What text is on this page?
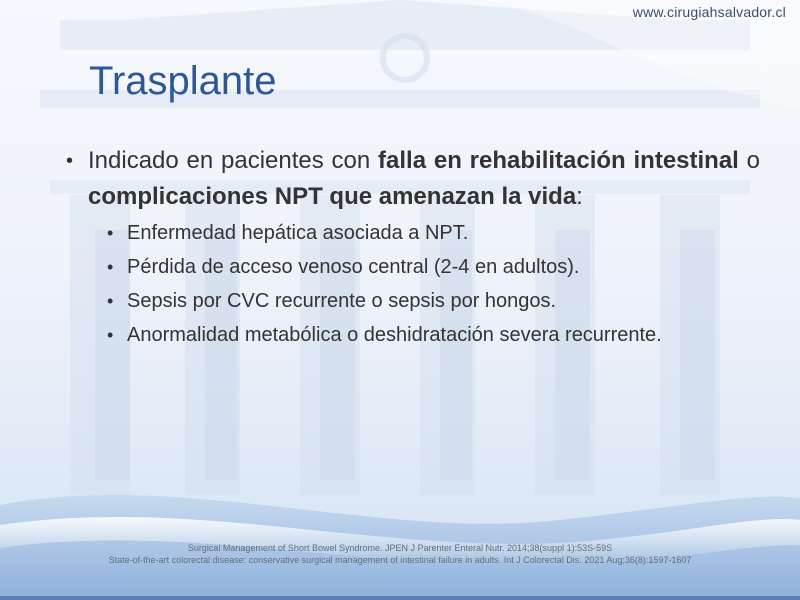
www.cirugiahsalvador.cl
Trasplante
• Indicado en pacientes con falla en rehabilitación intestinal o complicaciones NPT que amenazan la vida:
• Enfermedad hepática asociada a NPT.
• Pérdida de acceso venoso central (2-4 en adultos).
• Sepsis por CVC recurrente o sepsis por hongos.
• Anormalidad metabólica o deshidratación severa recurrente.
Surgical Management of Short Bowel Syndrome. JPEN J Parenter Enteral Nutr. 2014;38(suppl 1):53S-59S
State-of-the-art colorectal disease: conservative surgical management of intestinal failure in adults. Int J Colorectal Dis. 2021 Aug;36(8):1597-1607
